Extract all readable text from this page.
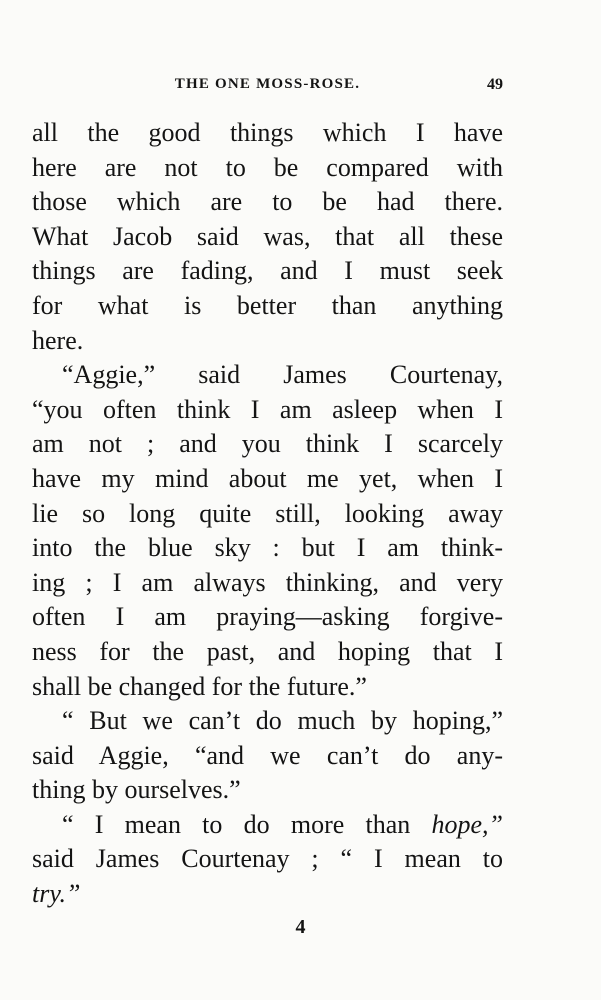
THE ONE MOSS-ROSE.	49
all the good things which I have
here are not to be compared with
those which are to be had there.
What Jacob said was, that all these
things are fading, and I must seek
for what is better than anything
here.
“Aggie,” said James Courtenay,
“you often think I am asleep when I
am not ; and you think I scarcely
have my mind about me yet, when I
lie so long quite still, looking away
into the blue sky : but I am think-
ing ; I am always thinking, and very
often I am praying—asking forgive-
ness for the past, and hoping that I
shall be changed for the future.”
“ But we can’t do much by hoping,”
said Aggie, “and we can’t do any-
thing by ourselves.”
“ I mean to do more than hope,”
said James Courtenay ; “ I mean to
try.”
4
